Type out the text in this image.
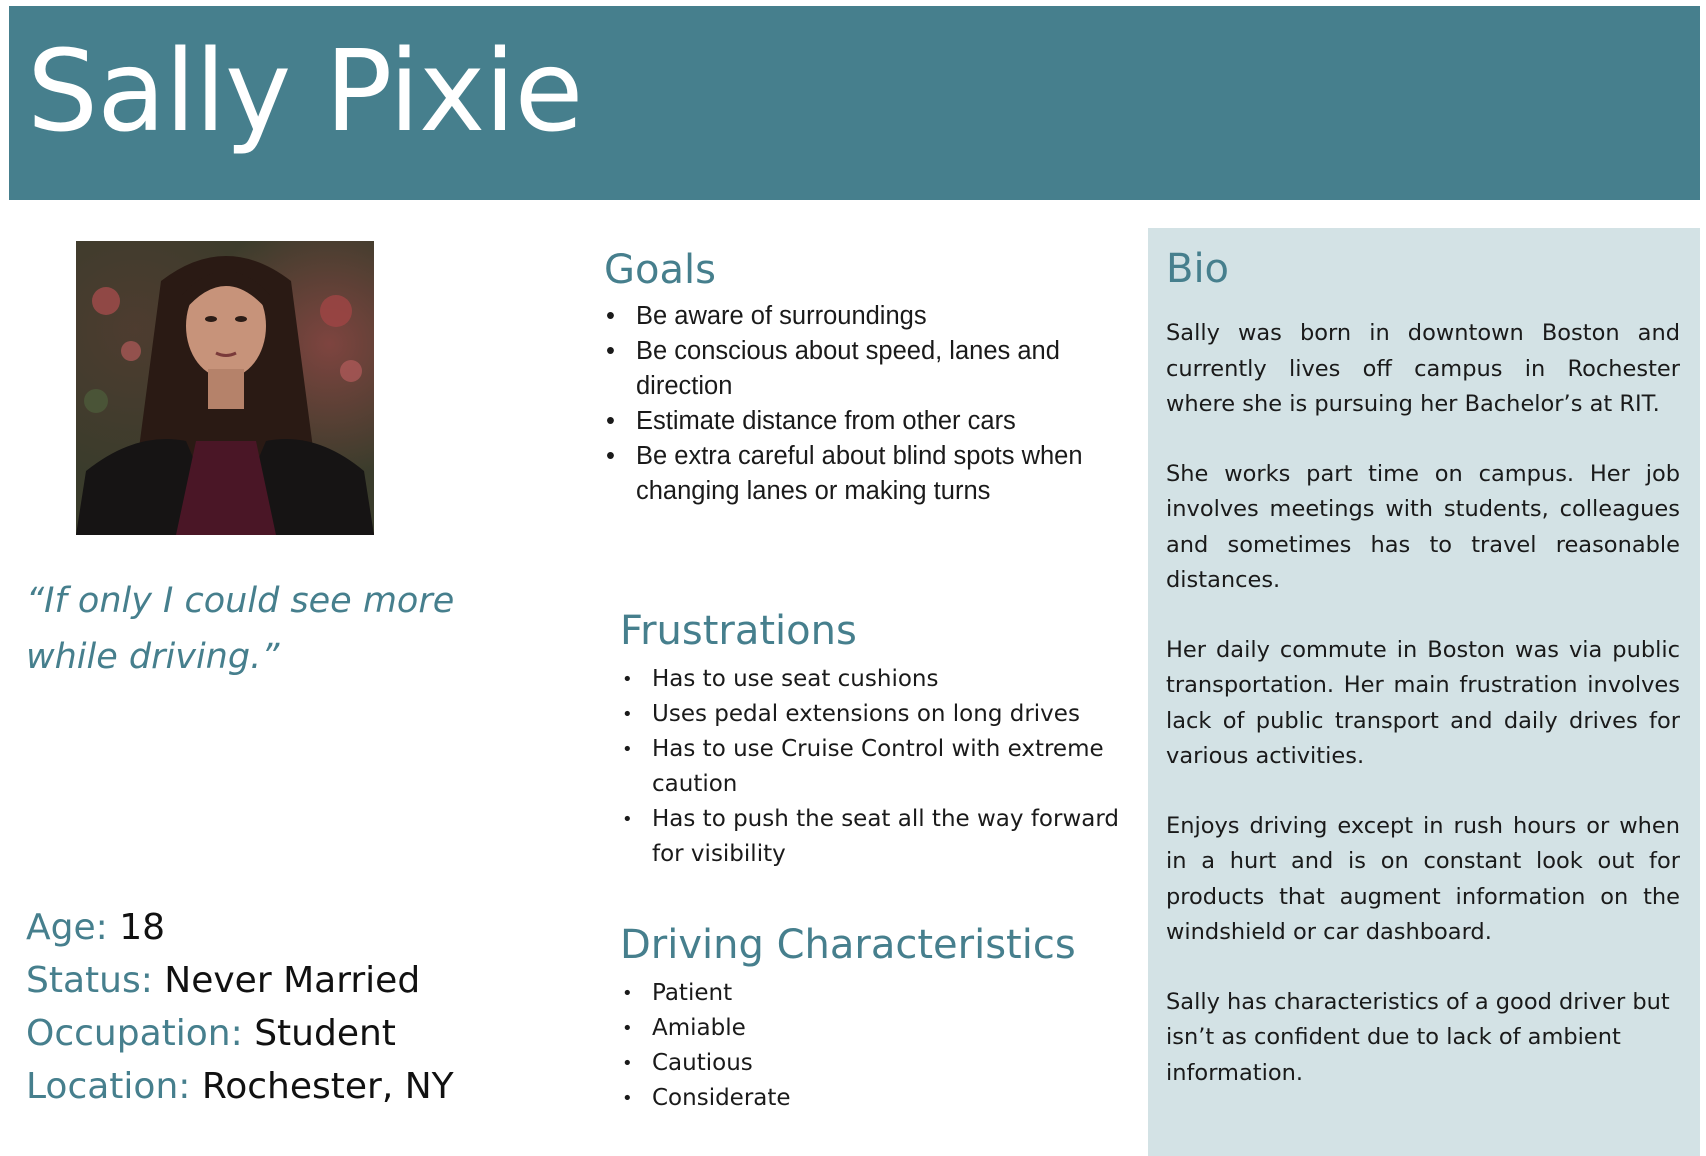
Sally Pixie
“If only I could see more while driving.”
Age: 18
Status: Never Married
Occupation: Student
Location: Rochester, NY
Goals
• Be aware of surroundings
• Be conscious about speed, lanes and direction
• Estimate distance from other cars
• Be extra careful about blind spots when changing lanes or making turns
Frustrations
• Has to use seat cushions
• Uses pedal extensions on long drives
• Has to use Cruise Control with extreme caution
• Has to push the seat all the way forward for visibility
Driving Characteristics
• Patient
• Amiable
• Cautious
• Considerate
Bio

Sally was born in downtown Boston and currently lives off campus in Rochester where she is pursuing her Bachelor’s at RIT.

She works part time on campus. Her job involves meetings with students, colleagues and sometimes has to travel reasonable distances.

Her daily commute in Boston was via public transportation. Her main frustration involves lack of public transport and daily drives for various activities.

Enjoys driving except in rush hours or when in a hurt and is on constant look out for products that augment information on the windshield or car dashboard.

Sally has characteristics of a good driver but isn’t as confident due to lack of ambient information.
